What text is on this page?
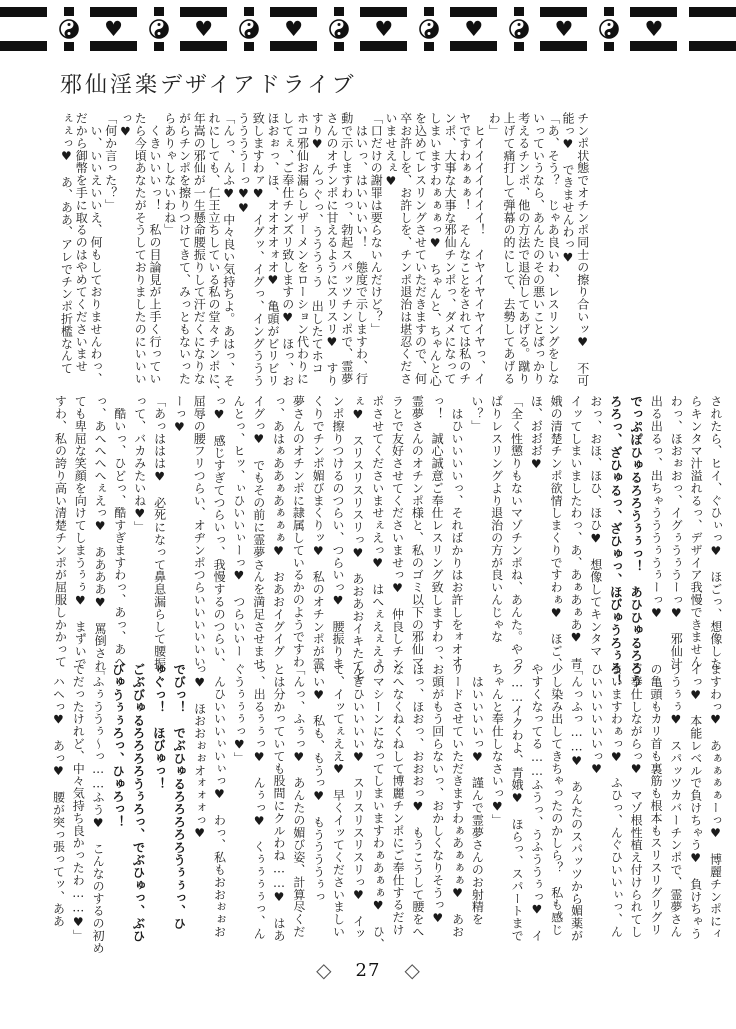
♥	♥	♥	♥	♥	♥	♥
邪仙淫楽デザイアドライブ
チンポ状態でオチンポ同士の擦り合いッ♥　不可
能っ♥　できませんわっ♥
「あ、そう？　じゃあ良いわ、レスリングをしな
いっていうなら、あんたのその悪いことばっかり
考えるチンポ、他の方法で退治してあげる。蹴り
上げて痛打して弾幕の的にして、去勢してあげる
わ」
　ヒイイイイイイイ！　イヤイヤイヤイヤっ、イ
ヤですわぁぁぁ！　そんなことをされては私のチ
ンポ、大事な大事な邪仙チンポっ、ダメになって
しまいますわぁぁぁっ♥　ちゃんと、ちゃんと心
を込めてレスリングさせていただきますので、何
卒お許しを、お許しを、チンポ退治は堪忍くださ
いませえぇ♥
「口だけの謝罪は要らないんだけど？」
　はいっ、はいいいい！　態度で示しますわ、行
動で示しますわっ、勃起スパッツチンポで、霊夢
さんのオチンポに甘えるようにスリスリ♥　すり
すり♥　んっぐっ、うううぅう　出したてホコ
ホコ邪仙お漏らしザーメンをローション代わりに
してぇ、ご奉仕チンズリ致しますの♥　ほっ、お
ほおぉっ、ほ、オオオオォオ♥　亀頭がビリビリ
致しますわァ♥　イグッ、イグっ、イングううう
ううううーっ♥♥
「んっ、んふ♥　中々良い気持ちよ。あはっ、そ
れにしても、仁王立ちしている私の堂々チンポに、
年嵩の邪仙が一生懸命腰振りして汗だくになりな
がらチンポを擦りつけてきて、みっともないった
らありゃしないわね」
　くきいいいっ！　私の目論見が上手く行ってい
たら今頃あなたがそうしておりましたのにいいい
っ♥
「何か言った？」
　い、いいえいいえ、何もしておりませんわっ、
だから御幣を手に取るのはやめてくださいませ
ぇぇっ♥　あ、ああ、アレでチンポ折檻なんて
されたら、ヒイ、ぐひぃっ♥　ほごっ、想像した
らキンタマ汁溢れるっ、デザイア我慢できません
わっ、ほおぉおっ、イグぅうぅうーっ♥　邪仙汁
出る出るっ、出ちゃうううぅうぅーっ♥
でっぷぽひゅるろろうぅぅっ！　あひひゅるろろう
ろろっ、ざひゅるっ、ざひゅっ、ほびゅうろぅろ！
おっ、おほ、ほひ、ほひ♥　想像してキンタマ
イッてしまいましたわっ、あ、あぁあぁあ♥　青
娥の清楚チンポ欲情しまくりですわぁ♥　ほご、
ほ、お゙お゙お゙♥
「全く性懲りもないマゾチンポね、あんた。やっ
ぱりレスリングより退治の方が良いんじゃな
い？」
　はひいいいいっ、そればかりはお許しをォオオ
っ！　誠心誠意ご奉仕レスリング致しますわっ、
霊夢さんのオチンポ様と、私のゴミ以下の邪仙マ
ラとで友好させてくださいませっ♥　仲良しチン
ポさせてくださいませぇえっ♥　はへぇえぇえぇ
ぇ♥　スリスリスリスリっ♥　あおあおイキたてチ
ンポ擦りつけるのつらい、つらいっ♥　腰振りま
くりでチンポ媚びまくりッ♥　私のオチンポが霊
夢さんのオチンポに隷属しているかのようですわ
っ、あはぁああぁあぁぁぁ♥　おあおイグイグ
イグっ♥　でもその前に霊夢さんを満足させませ
んとっ、ヒッ、ぃひいいぃーっ♥　つらいいー
っ♥　感じすぎてつらいっ、我慢するのつらい、
屈辱の腰フリつらい、オヂンポつらいいいいいい
ーっ♥
「あっははは♥　必死になって鼻息漏らして腰振
って、バカみたいね♥」
　酷いっ、ひどっ、酷すぎますわっ、あっ、あへ
っ、あへへへへぇえっ♥　ああああ♥　罵倒され
ても卑屈な笑顔を向けてしまうぅぅ♥　まずいで
すわ、私の誇り高い清楚チンポが屈服しかかって
ますわっ♥　あぁぁぁぁーっ♥　博麗チンポにィ
イっ♥　本能レベルで負けちゃう♥　負けちゃう
ううぅぅ♥　スパッツカバーチンポで、霊夢さん
の亀頭もカリ首も裏筋も根本もスリスリグリグリ
ご奉仕しながらっ♥　マゾ根性植え付けられてし
まいますわぁっ♥　ふひっ、んぐひいいぃっ、ん
ひいいいいいいっ♥
「んっふっ……♥　あんたのスパッツから媚薬が
少し染み出してきちゃったのかしら？　私も感じ
やすくなってる……ふうっ、うふううぅっ♥　イ
ク……イクわよ、青娥♥　ほらっ、スパートまで
ちゃんと奉仕しなさいっ♥」
　はいいいいっ♥　謹んで霊夢さんのお射精を
リードさせていただきますわぁあぁぁぁ♥　あお
お頭がもう回らないっ、おかしくなりそうっ♥
ほっ、ほおっ、おおおっ♥　もうこうして腰をへ
なへなくねくねして博麗チンポにご奉仕するだけ
のマシーンになってしまいますわぁあぁぁ♥　ひ、
んぎひいいいい♥　スリスリスリスリっ♥　イッ
て、イッてぇええ♥　早くイッてくださいましい
いい♥　私も、もうっ♥　もううううぅっ
「んっ、ふぅっ♥　あんたの媚び姿、計算尽くだ
とは分かっていても股間にクルわね……♥　はあ
っ、出るぅぅっ♥　んぅっ♥　くぅぅぅぅっ、ん
ぐうぅぅぅっ♥」
　んひいいいぃいぃっ♥　わっ、私もおおぉぉお
っ♥　ほおおぉぉオォォォっ♥
でびっ！　でぶひゅるろろろろろうぅぅっ、ひ
ゅぐっ！　ほびゅっ！
ごぶびゅるろろろろうぅろっ、でぶひゅっ、ぶひ
びゅうぅぅろっ、ひゅろっ！
「ふぅううぅ～っ……ふう♥　こんなのするの初め
てだったけれど、中々気持ち良かったわ……♥」
　ハヘっ♥　あっ♥　腰が突っ張ってッ、ああ
◇ 27 ◇
